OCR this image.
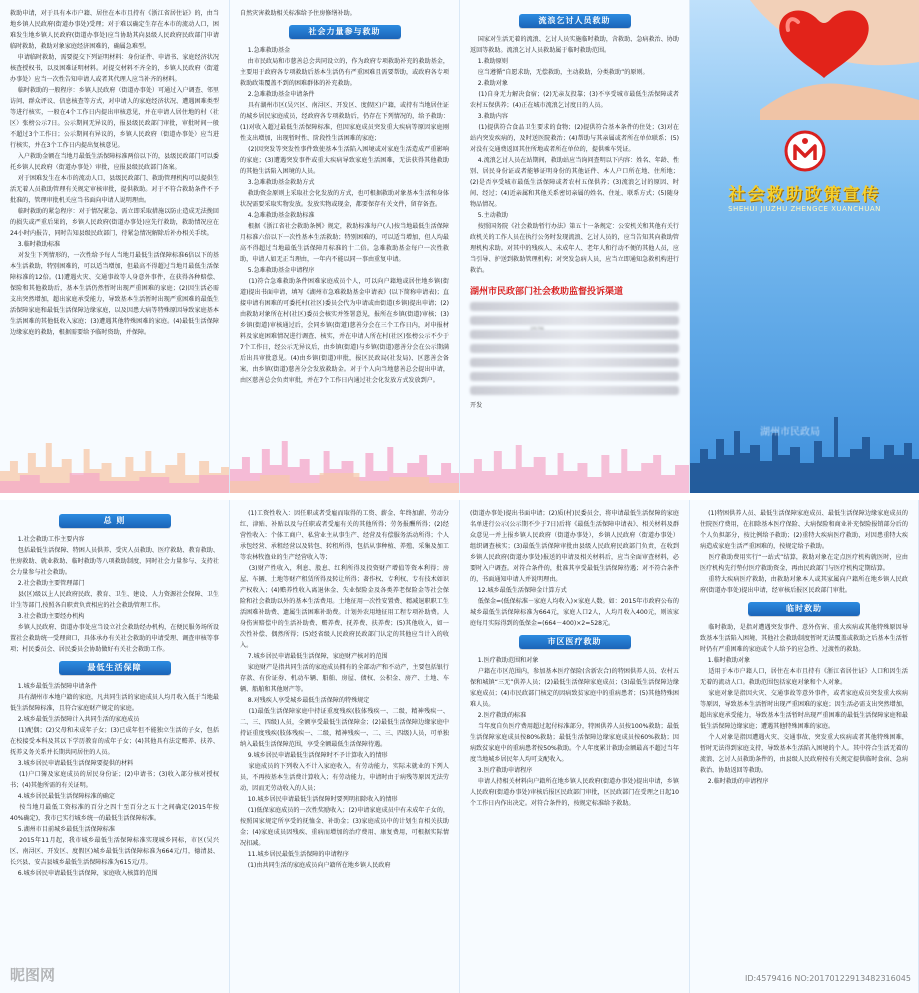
救助申请，对于具有本市户籍、居住在本市且持有《浙江省居住证》的，由当地乡镇人民政府(街道办事处)受理；对于难以确定生存在本市的流动人口，困难发生地乡镇人民政府(街道办事处)应当协助其向县级人民政府民政部门申请临时救助，救助对象家庭经济困难的，确属急难型。
申请临时救助，需要提交下列证明材料：身份证件、申请书、家庭经济状况核查授权书，以及困难证明材料。对提交材料不齐全的，乡镇人民政府（街道办事处）应当一次性告知申请人或者其代理人应当补齐的材料。
临时救助的一般程序：乡镇人民政府（街道办事处）可通过入户调查、邻里访问、群众评议、信息核查等方式，对申请人的家庭经济状况、遭遇困难类型等进行核实，一般在4个工作日内提出审核意见，并在申请人居住地的村（社区）张榜公示7日。公示期间无异议的，报县级民政部门审批，审批时间一般不超过3个工作日；公示期间有异议的，乡镇人民政府（街道办事处）应当进行核实，并在3个工作日内提出复核意见。
入户救助金额在当地月最低生活保障标准两倍以下的，县级民政部门可以委托乡镇人民政府（街道办事处）审批，应报县级民政部门备案。
对于困难发生在本市的流动人口，县级民政部门、救助管理机构可以提供生活无着人员救助管理有关规定审核审批，提供救助。对于不符合救助条件不予批准的，管理审批机关应当书面向申请人说明理由。
临时救助的紧急程序：对于情况紧急、需立即采取措施以防止造成无法挽回的损失或严重后果的，乡镇人民政府(街道办事处)应先行救助，救助情况应在24小时内报告，同时告知县级民政部门，待紧急情况解除后补办相关手续。
3.临时救助标准
对发生下列情形的，一次性给予每人当地月最低生活保障标准6倍以下的基本生活救助，特别困难的，可以适当增加，但最高不得超过当地月最低生活保障标准的12倍。(1)遭遇火灾、交通事故等人身意外事件，在获得各种赔偿、保险和其他救助后，基本生活仍然暂时出现严重困难的家庭；(2)因生活必需支出突然增加，超出家庭承受能力，导致基本生活暂时出现严重困难的最低生活保障家庭和最低生活保障边缘家庭，以及因患大病等特殊原因导致家庭基本生活困难的其他低收入家庭；(3)遭遇其他特殊困难的家庭。(4)最低生活保障边缘家庭的救助，根据需要给予临时资助，并保障。

自然灾害救助相关标准给予住房修缮补助。

社会力量参与救助

1.急难救助基金
由市民政局和市慈善总会共同设立的，作为政府专项救助补充的救助基金，主要用于政府各专项救助后基本生活仍有严重困难且需要帮助，或政府各专项救助政策覆盖不到的困难群体的补充救助。
2.急难救助基金申请条件
具有湖州市区(吴兴区、南浔区、开发区、度假区)户籍，或持有当地居住证的城乡居民家庭成员，经政府各专项救助后，仍存在下列情况的，给予救助：(1)对收入超过最低生活保障标准，但因家庭成员突发重大疾病等原因家庭刚性支出增加，出现暂时性、阶段性生活困难的家庭；
(2)因突发等突发性事件致使基本生活陷入困境或对家庭生活造成严重影响的家庭；(3)遭遇突发事件或重大疾病导致家庭生活困难，无法获得其他救助的其他生活陷入困境的人员。
3.急难救助基金救助方式
救助资金原则上采取社会化发放的方式，也可根据救助对象基本生活和身体状况需要采取实物发放。发放实物或现金，都要保存有关文件，留存备查。
4.急难救助基金救助标准
根据《浙江省社会救助条例》规定，救助标准每户(人)按当地最低生活保障月标准六倍以下一次性基本生活救助；特别困难的，可以适当增加，但人均最高不得超过当地最低生活保障月标准的十二倍。急难救助基金每户一次性救助，申请人如无正当理由，一年内不能以同一事由重复申请。
5.急难救助基金申请程序
(1)符合急难救助条件困难家庭成员个人，可以向户籍地或居住地乡镇(街道)提出书面申请，填写《湖州市急难救助基金申请表》(以下简称申请表)；直接申请有困难的可委托村(社区)委员会代为申请或由街道(乡镇)提出申请；(2)由救助对象所在村(社区)委员会核实并签署意见，报所在乡镇(街道)审核；(3)乡镇(街道)审核通过后，会同乡镇(街道)慈善分会在三个工作日内，对申报材料及家庭困难情况进行调查、核实，并在申请人所在村(社区)张榜公示不少于7个工作日，经公示无异议后，由乡镇(街道)与乡镇(街道)慈善分会在公示期满后出具审批意见。(4)由乡镇(街道)审批，报区民政局(社发局)、区慈善会备案，由乡镇(街道)慈善分会发放救助金。对于个人向当地慈善总会提出申请，由区慈善总会负责审批，并在7个工作日内通过社会化发放方式发放到户。

流浪乞讨人员救助

国家对生活无着的流浪、乞讨人员实施临时救助，含救助、急病救治、协助返回等救助。流浪乞讨人员救助属于临时救助范围。
1.救助原则
应当遵循“自愿求助，无偿救助，主动救助，分类救助”的原则。
2.救助对象
(1)自身无力解决食宿；(2)无亲友投靠；(3)不享受城市最低生活保障或者农村五保供养；(4)正在城市流浪乞讨度日的人员。
3.救助内容
(1)提供符合食品卫生要求的食物；(2)提供符合基本条件的住处；(3)对在站内突发疾病的，及时送医院救治；(4)帮助与其亲属或者所在单位联系；(5)对没有交通费返回其住所地或者所在单位的，提供乘车凭证。
4.流浪乞讨人员在站期间，救助站应当询问查明以下内容：姓名、年龄、性别、居民身份证或者能够证明身份的其他证件、本人户口所在地、住所地；(2)是否享受城市最低生活保障或者农村五保供养；(3)流浪乞讨的原因、时间、经过；(4)近亲属和其他关系密切亲属的姓名、住址、联系方式；(5)随身物品情况。
5.主动救助
按照国务院《社会救助暂行办法》第五十一条规定：公安机关和其他有关行政机关的工作人员在执行公务时发现流浪、乞讨人员的，应当告知其向救助管理机构求助。对其中的残疾人、未成年人、老年人和行动不便的其他人员，应当引导、护送到救助管理机构；对突发急病人员，应当立即通知急救机构进行救治。

湖州市民政部门社会救助监督投诉渠道
开发
社会救助政策宣传
SHEHUI JIUZHU ZHENGCE XUANCHUAN
湖州市民政局
总 则

1.社会救助工作主要内容
包括最低生活保障、特困人员供养、受灾人员救助、医疗救助、教育救助、住房救助、就业救助、临时救助等八项救助制度，同时社会力量参与、支持社会力量参与社会救助。
2.社会救助主要管理部门
县(区)级以上人民政府民政、教育、卫生、建设、人力资源社会保障、卫生计生等部门,按照各自职责负责相应的社会救助管理工作。
3.社会救助主要经办机构
乡镇人民政府、街道办事处应当设立社会救助经办机构，在便民服务场所设置社会救助统一受理窗口，具体承办有关社会救助的申请受理、调查审核等事项；村民委员会、居民委员会协助做好有关社会救助工作。

最低生活保障

1.城乡最低生活保障申请条件
具有湖州市本地户籍的家庭，凡共同生活的家庭成员人均月收入低于当地最低生活保障标准，且符合家庭财产规定的家庭。
2.城乡最低生活保障计入共同生活的家庭成员
(1)配偶；(2)父母和未成年子女；(3)已成年但不能独立生活的子女，包括在校接受本科及其以下学历教育的成年子女；(4)其他具有法定赡养、扶养、抚养义务关系并长期共同居住的人员。
3.城乡居民申请最低生活保障要提供的材料
(1)户口簿及家庭成员的居民身份证；(2)申请书；(3)收入部分核对授权书；(4)其他所需的有关证明。
4.城乡居民最低生活保障标准的确定
按当地月最低工资标准的百分之四十至百分之五十之间确定(2015年按40%确定)，我市已实行城乡统一的最低生活保障标准。
5.湖州市目前城乡最低生活保障标准
2015年11月起，我市城乡最低生活保障标准实现城乡同标，市区(吴兴区、南浔区、开发区、度假区)城乡最低生活保障标准为664元/月，德清县、长兴县、安吉县城乡最低生活保障标准为615元/月。
6.城乡居民申请最低生活保障，家庭收入核算的范围

(1)工资性收入：因任职或者受雇而取得的工资、薪金、年终加薪、劳动分红、津贴、补贴以及与任职或者受雇有关的其他所得；劳务报酬所得；(2)经营性收入：个体工商户、私营业主从事生产、经营及有偿服务活动所得；个人承包经营、承租经营以及转包、转租所得，包括从事种植、养殖、采集及加工等农林牧渔业的生产经营收入等；
(3)财产性收入，利息、股息、红利所得及投资财产增值等资本利得；房屋、车辆、土地等财产租赁所得及转让所得；著作权、专利权、专有技术如识产权收入；(4)赡养性收入离退休金、失业保险金及各类养老保险金等社会保险和社会救助以外的基本生活费用。土地征用一次性安置费、精减退职职工生活困难补助费、遗属生活困难补助费。计划外农用地征用工程专项补助费。人身伤害赔偿中的生活补助费、赡养费、抚养费、扶养费；(5)其他收入，如一次性补偿、偶然所得；(5)经省级人民政府民政部门认定的其他应当计入的收入。
7.城乡居民申请最低生活保障，家庭财产核对的范围
家庭财产是指共同生活的家庭成员拥有的全部动产和不动产，主要包括银行存款、有价证券、机动车辆、船舶、房屋、债权、公积金、房产、土地、车辆、船舶和其他财产等。
8.对残疾人享受城乡最低生活保障的特殊规定
(1)最低生活保障家庭中持证重度残疾(肢体残疾一、二级，精神残疾一、二、三、四级)人员，全额享受最低生活保障金；(2)最低生活保障边缘家庭中持证重度残疾(肢体残疾一、二级，精神残疾一、二、三、四级)人员，可单独纳入最低生活保障范围，享受全额最低生活保障待遇。
9.城乡居民申请最低生活保障时不予计算收入的情形
家庭成员的下列收入不计入家庭收入，有劳动能力，实际未就业的下列人员，不再按基本生活费计算收入；有劳动能力，申请时由于病残等原因无法劳动，因而无劳动收入的人员；
10.城乡居民申请最低生活保障时要列明扣除收入的情形
(1)低保家庭成员的一次性奖励收入；(2)申请家庭成员中有未成年子女的，按照国家规定所享受的抚恤金、补助金；(3)家庭成员中的计划生育相关扶助金；(4)家庭成员因残疾、重病而增加的治疗费用、康复费用，可根据实际情况扣减。
11.城乡居民最低生活保障的申请程序
(1)由共同生活的家庭成员向户籍所在地乡镇人民政府

(街道办事处)提出书面申请；(2)质(村)民委员会，将申请最低生活保障的家庭名单进行公示(公示期不少于7日)后将《最低生活保障申请表》、相关材料及群众意见一并上报乡镇人民政府（街道办事处），乡镇人民政府（街道办事处）组织调查核实；(3)最低生活保障审批由县级人民政府民政部门负责，在收到乡镇人民政府(街道办事处)报送的申请及相关材料后，应当全面审查材料，必要时入户调查。对符合条件的，批准其享受最低生活保障待遇；对不符合条件的，书面通知申请人并说明理由。
12.城乡最低生活保障金计算方式
低保金=(低保标准－家庭人均收入)×家庭人数。如：2015年市政府公布的城乡最低生活保障标准为664元，家庭人口2人，人均月收入400元，则该家庭每月实际得到的低保金=(664－400)×2=528元。

市区医疗救助

1.医疗救助范围和对象
户籍在市区范围内，参加基本医疗保险(含新农合)的特困供养人员、农村五保和城镇“三无”供养人员；(2)最低生活保障家庭成员；(3)最低生活保障边缘家庭成员；(4)市民政部门核定的因病致贫家庭中的重病患者；(5)其他特殊困难人员。
2.医疗救助的标准
当年度自负医疗费用超过起付标准部分，特困供养人员按100%救助；最低生活保障家庭成员按80%救助；最低生活保障边缘家庭成员按60%救助；因病致贫家庭中的重病患者按50%救助。个人年度累计救助金额最高不超过当年度当地城乡居民年人均可支配收入。
3.医疗救助申请程序
申请人持相关材料向户籍所在地乡镇人民政府(街道办事处)提出申请，乡镇人民政府(街道办事处)审核后报区民政部门审批，区民政部门在受理之日起10个工作日内作出决定。对符合条件的，按规定标准给予救助。

(1)特困供养人员、最低生活保障家庭成员、最低生活保障边缘家庭成员的住院医疗费用，在扣除基本医疗保险、大病保险和商业补充保险报销部分后的个人负担部分，按比例给予救助；(2)重特大疾病医疗救助，对因患重特大疾病造成家庭生活严重困难的，按规定给予救助。
医疗救助费用实行“一站式”结算，救助对象在定点医疗机构就医时，应由医疗机构先行垫付医疗救助资金，再由民政部门与医疗机构定期结算。
重特大疾病医疗救助，由救助对象本人或其家属向户籍所在地乡镇人民政府(街道办事处)提出申请，经审核后报区民政部门审批。

临时救助

临时救助，是指对遭遇突发事件、意外伤害、重大疾病或其他特殊原因导致基本生活陷入困境，其他社会救助制度暂时无法覆盖或救助之后基本生活暂时仍有严重困难的家庭或个人给予的应急性、过渡性的救助。
1.临时救助对象
适用于本市户籍人口，居住在本市且持有《浙江省居住证》人口和因生活无着的流动人口。救助范围包括家庭对象和个人对象。
家庭对象是指因火灾、交通事故等意外事件，或者家庭成员突发重大疾病等原因，导致基本生活暂时出现严重困难的家庭；因生活必需支出突然增加，超出家庭承受能力，导致基本生活暂时出现严重困难的最低生活保障家庭和最低生活保障边缘家庭；遭遇其他特殊困难的家庭。
个人对象是指因遭遇火灾、交通事故、突发重大疾病或者其他特殊困难，暂时无法得到家庭支持，导致基本生活陷入困境的个人。其中符合生活无着的流浪、乞讨人员救助条件的，由县级人民政府按有关规定提供临时食宿、急病救治、协助返回等救助。
2.临时救助的申请程序

昵图网	ID:4579416 NO:20170122913482316045
